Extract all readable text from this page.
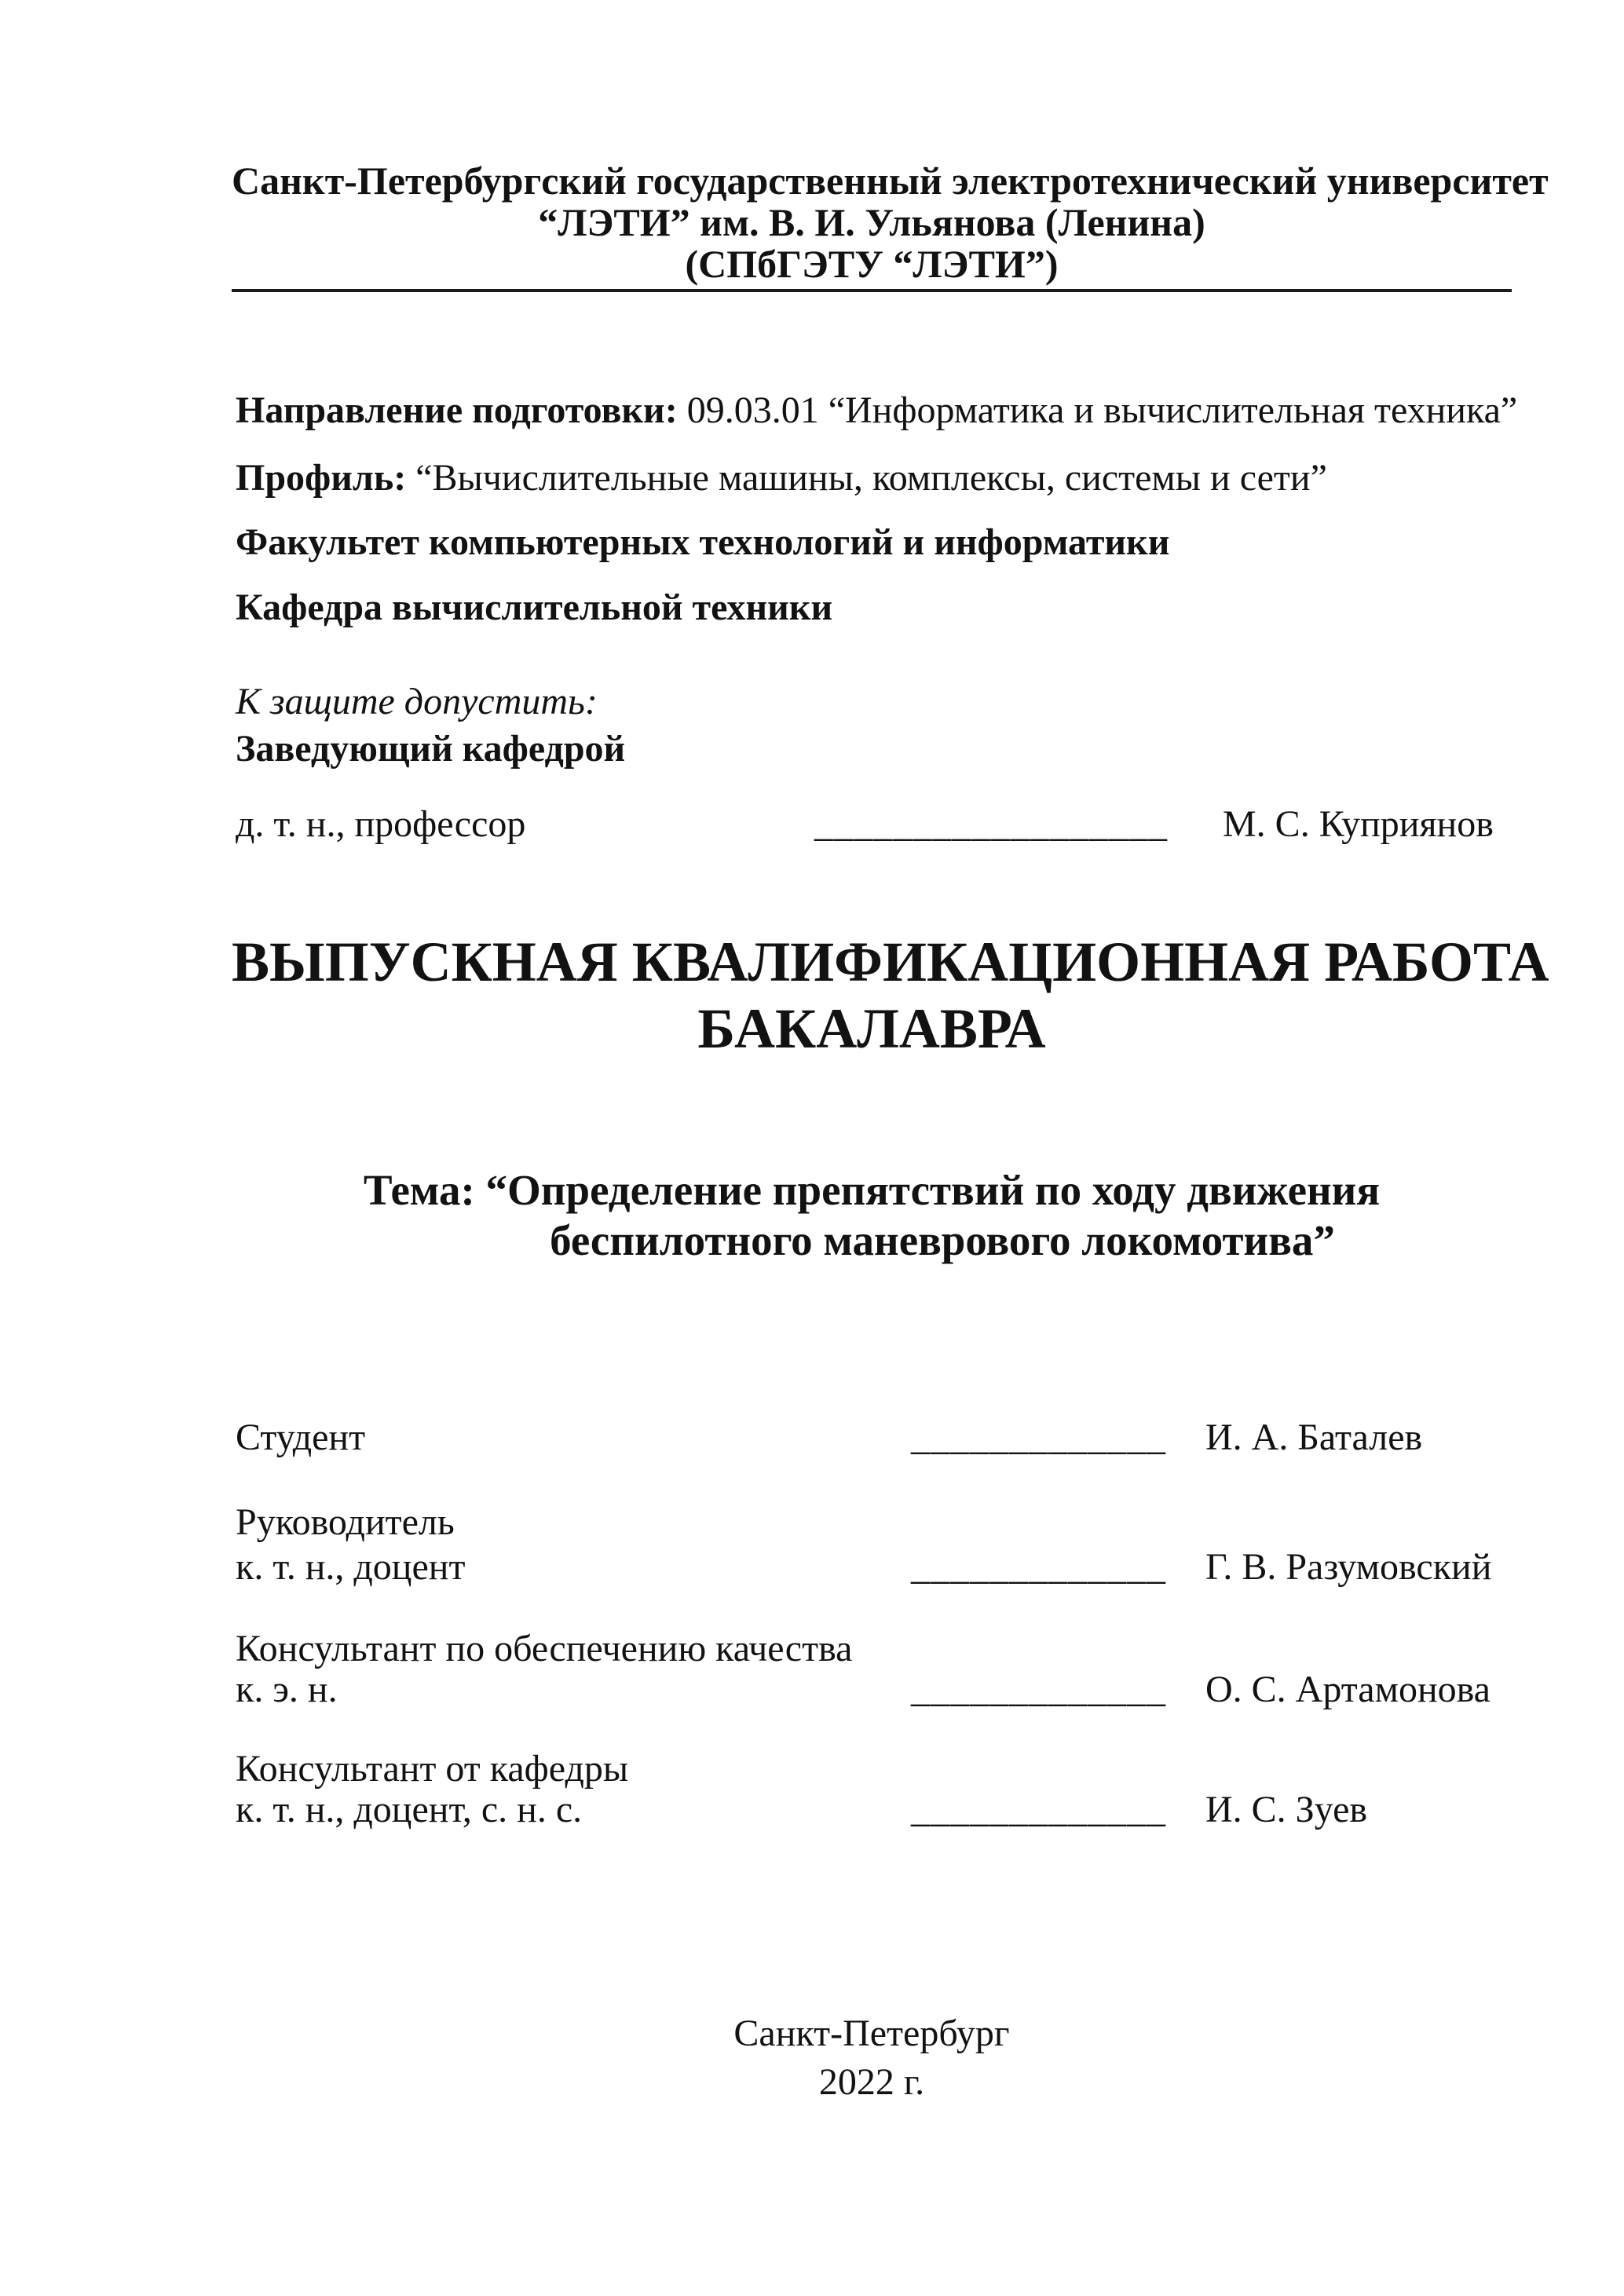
Санкт-Петербургский государственный электротехнический университет
“ЛЭТИ” им. В. И. Ульянова (Ленина)
(СПбГЭТУ “ЛЭТИ”)
Направление подготовки: 09.03.01 “Информатика и вычислительная техника”
Профиль: “Вычислительные машины, комплексы, системы и сети”
Факультет компьютерных технологий и информатики
Кафедра вычислительной техники
К защите допустить:
Заведующий кафедрой
д. т. н., профессор	__________________ М. С. Куприянов
ВЫПУСКНАЯ КВАЛИФИКАЦИОННАЯ РАБОТА
БАКАЛАВРА
Тема: “Определение препятствий по ходу движения
беспилотного маневрового локомотива”
Студент	_____________ И. А. Баталев
Руководитель
к. т. н., доцент	_____________ Г. В. Разумовский
Консультант по обеспечению качества
к. э. н.	_____________ О. С. Артамонова
Консультант от кафедры
к. т. н., доцент, с. н. с.	_____________ И. С. Зуев
Санкт-Петербург
2022 г.
